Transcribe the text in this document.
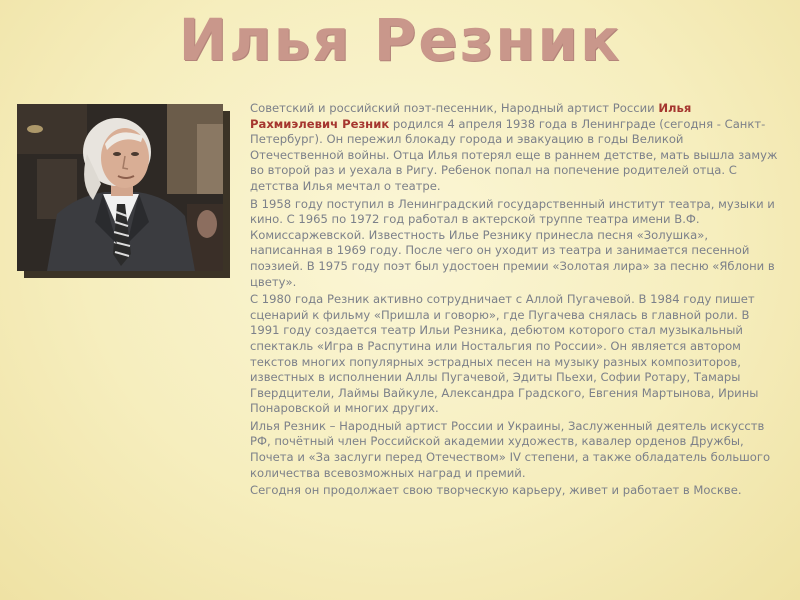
Илья Резник

Советский и российский поэт-песенник, Народный артист России Илья Рахмиэлевич Резник родился 4 апреля 1938 года в Ленинграде (сегодня - Санкт-Петербург). Он пережил блокаду города и эвакуацию в годы Великой Отечественной войны. Отца Илья потерял еще в раннем детстве, мать вышла замуж во второй раз и уехала в Ригу. Ребенок попал на попечение родителей отца. С детства Илья мечтал о театре.

В 1958 году поступил в Ленинградский государственный институт театра, музыки и кино. С 1965 по 1972 год работал в актерской труппе театра имени В.Ф. Комиссаржевской. Известность Илье Резнику принесла песня «Золушка», написанная в 1969 году. После чего он уходит из театра и занимается песенной поэзией. В 1975 году поэт был удостоен премии «Золотая лира» за песню «Яблони в цвету».

С 1980 года Резник активно сотрудничает с Аллой Пугачевой. В 1984 году пишет сценарий к фильму «Пришла и говорю», где Пугачева снялась в главной роли. В 1991 году создается театр Ильи Резника, дебютом которого стал музыкальный спектакль «Игра в Распутина или Ностальгия по России». Он является автором текстов многих популярных эстрадных песен на музыку разных композиторов, известных в исполнении Аллы Пугачевой, Эдиты Пьехи, Софии Ротару, Тамары Гвердцители, Лаймы Вайкуле, Александра Градского, Евгения Мартынова, Ирины Понаровской и многих других.

Илья Резник – Народный артист России и Украины, Заслуженный деятель искусств РФ, почётный член Российской академии художеств, кавалер орденов Дружбы, Почета и «За заслуги перед Отечеством» IV степени, а также обладатель большого количества всевозможных наград и премий.

Сегодня он продолжает свою творческую карьеру, живет и работает в Москве.
